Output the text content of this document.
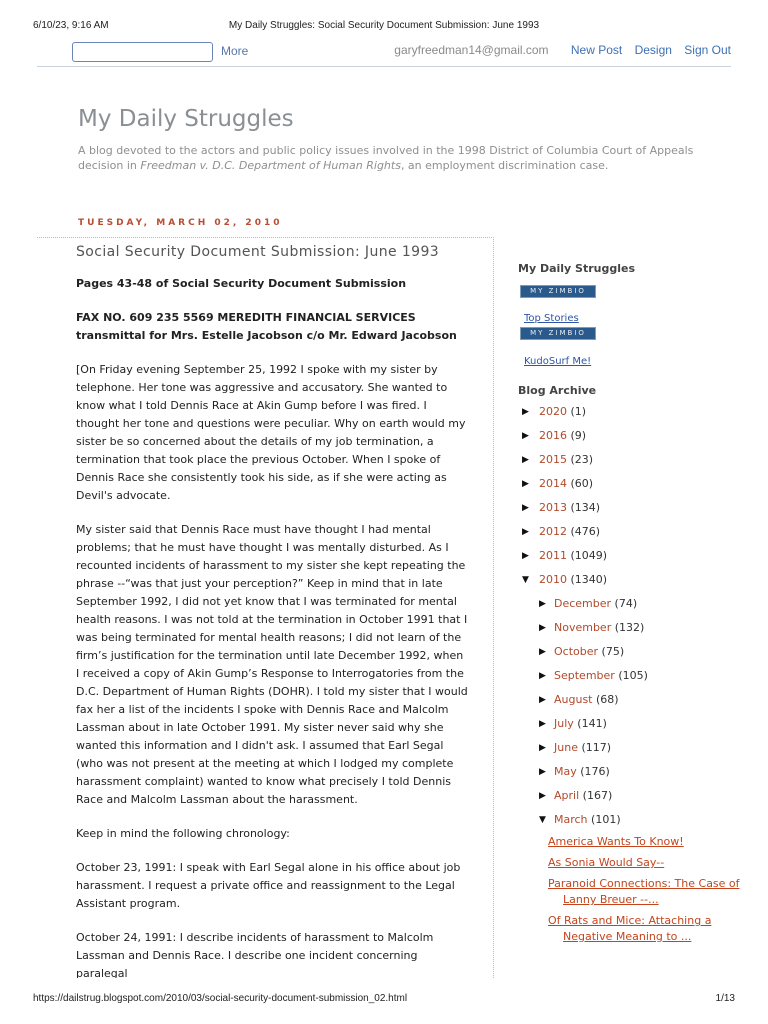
6/10/23, 9:16 AM	My Daily Struggles: Social Security Document Submission: June 1993
More	garyfreedman14@gmail.com New Post Design Sign Out
My Daily Struggles
A blog devoted to the actors and public policy issues involved in the 1998 District of Columbia Court of Appeals decision in Freedman v. D.C. Department of Human Rights, an employment discrimination case.
TUESDAY, MARCH 02, 2010
Social Security Document Submission: June 1993

Pages 43-48 of Social Security Document Submission

FAX NO. 609 235 5569 MEREDITH FINANCIAL SERVICES

transmittal for Mrs. Estelle Jacobson c/o Mr. Edward Jacobson

[On Friday evening September 25, 1992 I spoke with my sister by telephone. Her tone was aggressive and accusatory. She wanted to know what I told Dennis Race at Akin Gump before I was fired. I thought her tone and questions were peculiar. Why on earth would my sister be so concerned about the details of my job termination, a termination that took place the previous October. When I spoke of Dennis Race she consistently took his side, as if she were acting as Devil's advocate.

My sister said that Dennis Race must have thought I had mental problems; that he must have thought I was mentally disturbed. As I recounted incidents of harassment to my sister she kept repeating the phrase --“was that just your perception?” Keep in mind that in late September 1992, I did not yet know that I was terminated for mental health reasons. I was not told at the termination in October 1991 that I was being terminated for mental health reasons; I did not learn of the firm’s justification for the termination until late December 1992, when I received a copy of Akin Gump’s Response to Interrogatories from the D.C. Department of Human Rights (DOHR). I told my sister that I would fax her a list of the incidents I spoke with Dennis Race and Malcolm Lassman about in late October 1991. My sister never said why she wanted this information and I didn't ask. I assumed that Earl Segal (who was not present at the meeting at which I lodged my complete harassment complaint) wanted to know what precisely I told Dennis Race and Malcolm Lassman about the harassment.

Keep in mind the following chronology:

October 23, 1991: I speak with Earl Segal alone in his office about job harassment. I request a private office and reassignment to the Legal Assistant program.

October 24, 1991: I describe incidents of harassment to Malcolm Lassman and Dennis Race. I describe one incident concerning paralegal

My Daily Struggles
MY ZIMBIO
Top Stories
MY ZIMBIO
KudoSurf Me!
Blog Archive
▶ 2020 (1)
▶ 2016 (9)
▶ 2015 (23)
▶ 2014 (60)
▶ 2013 (134)
▶ 2012 (476)
▶ 2011 (1049)
▼ 2010 (1340)
▶ December (74)
▶ November (132)
▶ October (75)
▶ September (105)
▶ August (68)
▶ July (141)
▶ June (117)
▶ May (176)
▶ April (167)
▼ March (101)
America Wants To Know!
As Sonia Would Say--
Paranoid Connections: The Case of Lanny Breuer --...
Of Rats and Mice: Attaching a Negative Meaning to ...
https://dailstrug.blogspot.com/2010/03/social-security-document-submission_02.html	1/13
